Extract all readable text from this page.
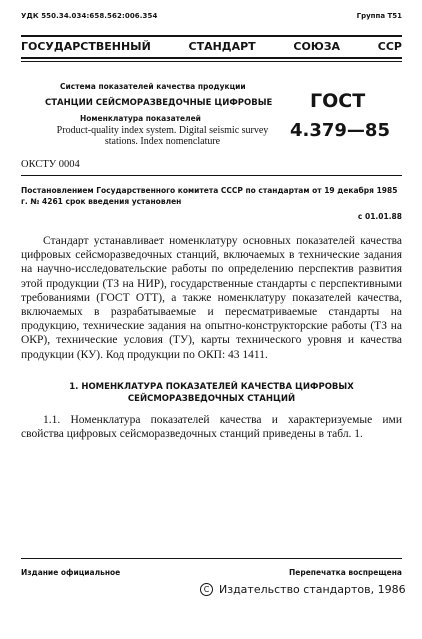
УДК 550.34.034:658.562:006.354	Группа Т51
ГОСУДАРСТВЕННЫЙ	СТАНДАРТ	СОЮЗА	ССР
Система показателей качества продукции
СТАНЦИИ СЕЙСМОРАЗВЕДОЧНЫЕ ЦИФРОВЫЕ
Номенклатура показателей
Product-quality index system. Digital seismic survey stations. Index nomenclature
ГОСТ
4.379—85
ОКСТУ 0004
Постановлением Государственного комитета СССР по стандартам от 19 декабря 1985 г. № 4261 срок введения установлен
с 01.01.88
Стандарт устанавливает номенклатуру основных показателей качества цифровых сейсморазведочных станций, включаемых в технические задания на научно-исследовательские работы по определению перспектив развития этой продукции (ТЗ на НИР), государственные стандарты с перспективными требованиями (ГОСТ ОТТ), а также номенклатуру показателей качества, включаемых в разрабатываемые и пересматриваемые стандарты на продукцию, технические задания на опытно-конструкторские работы (ТЗ на ОКР), технические условия (ТУ), карты технического уровня и качества продукции (КУ). Код продукции по ОКП: 43 1411.
1. НОМЕНКЛАТУРА ПОКАЗАТЕЛЕЙ КАЧЕСТВА ЦИФРОВЫХ
СЕЙСМОРАЗВЕДОЧНЫХ СТАНЦИЙ
1.1. Номенклатура показателей качества и характеризуемые ими свойства цифровых сейсморазведочных станций приведены в табл. 1.
Издание официальное	Перепечатка воспрещена
C Издательство стандартов, 1986
